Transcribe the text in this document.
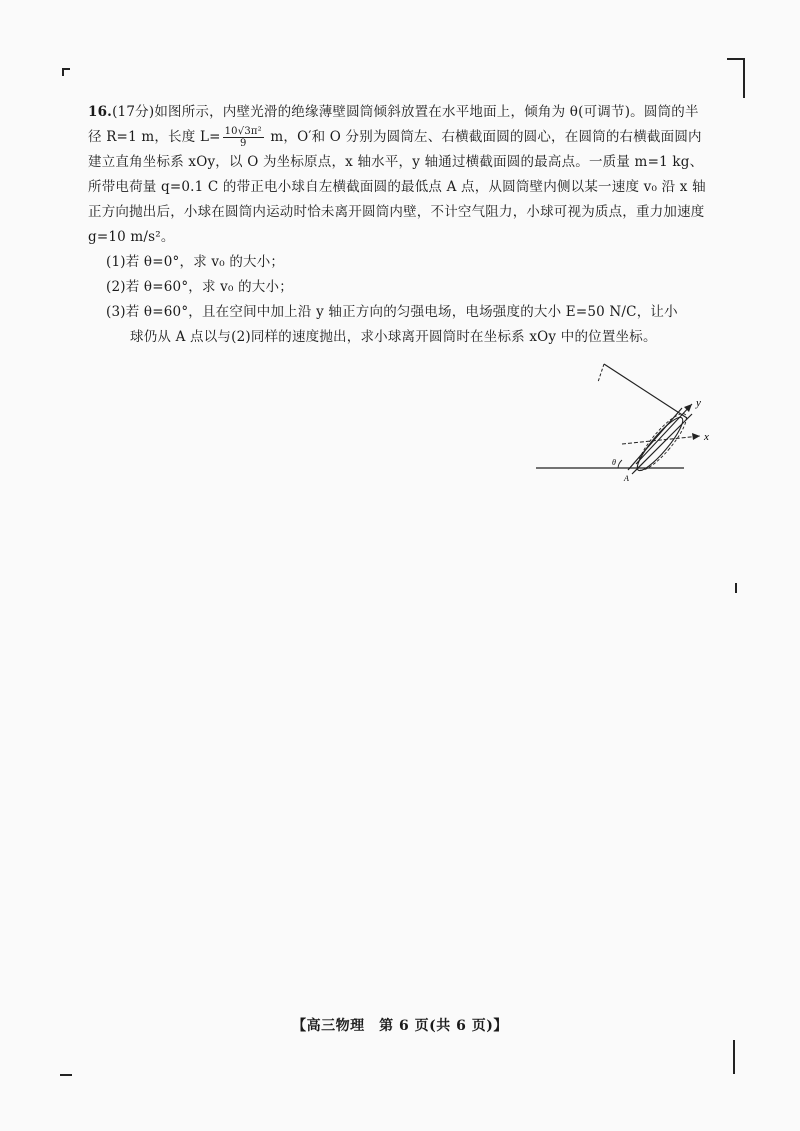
16.(17分)如图所示，内壁光滑的绝缘薄壁圆筒倾斜放置在水平地面上，倾角为 θ(可调节)。圆筒的半径 R=1 m，长度 $L= \frac{\text{10√3π²}}{9}$ m，O′和 O 分别为圆筒左、右横截面圆的圆心，在圆筒的右横截面圆内建立直角坐标系 xOy，以 O 为坐标原点，x 轴水平，y 轴通过横截面圆的最高点。一质量 m=1 kg、所带电荷量 q=0.1 C 的带正电小球自左横截面圆的最低点 A 点，从圆筒壁内侧以某一速度 v₀ 沿 x 轴正方向抛出后，小球在圆筒内运动时恰未离开圆筒内壁，不计空气阻力，小球可视为质点，重力加速度 g=10 m/s²。

(1)若 θ=0°，求 v₀ 的大小；

(2)若 θ=60°，求 v₀ 的大小；

(3)若 θ=60°，且在空间中加上沿 y 轴正方向的匀强电场，电场强度的大小 E=50 N/C，让小

球仍从 A 点以与(2)同样的速度抛出，求小球离开圆筒时在坐标系 xOy 中的位置坐标。

y
x
θ
A
【高三物理　第 6 页(共 6 页)】
